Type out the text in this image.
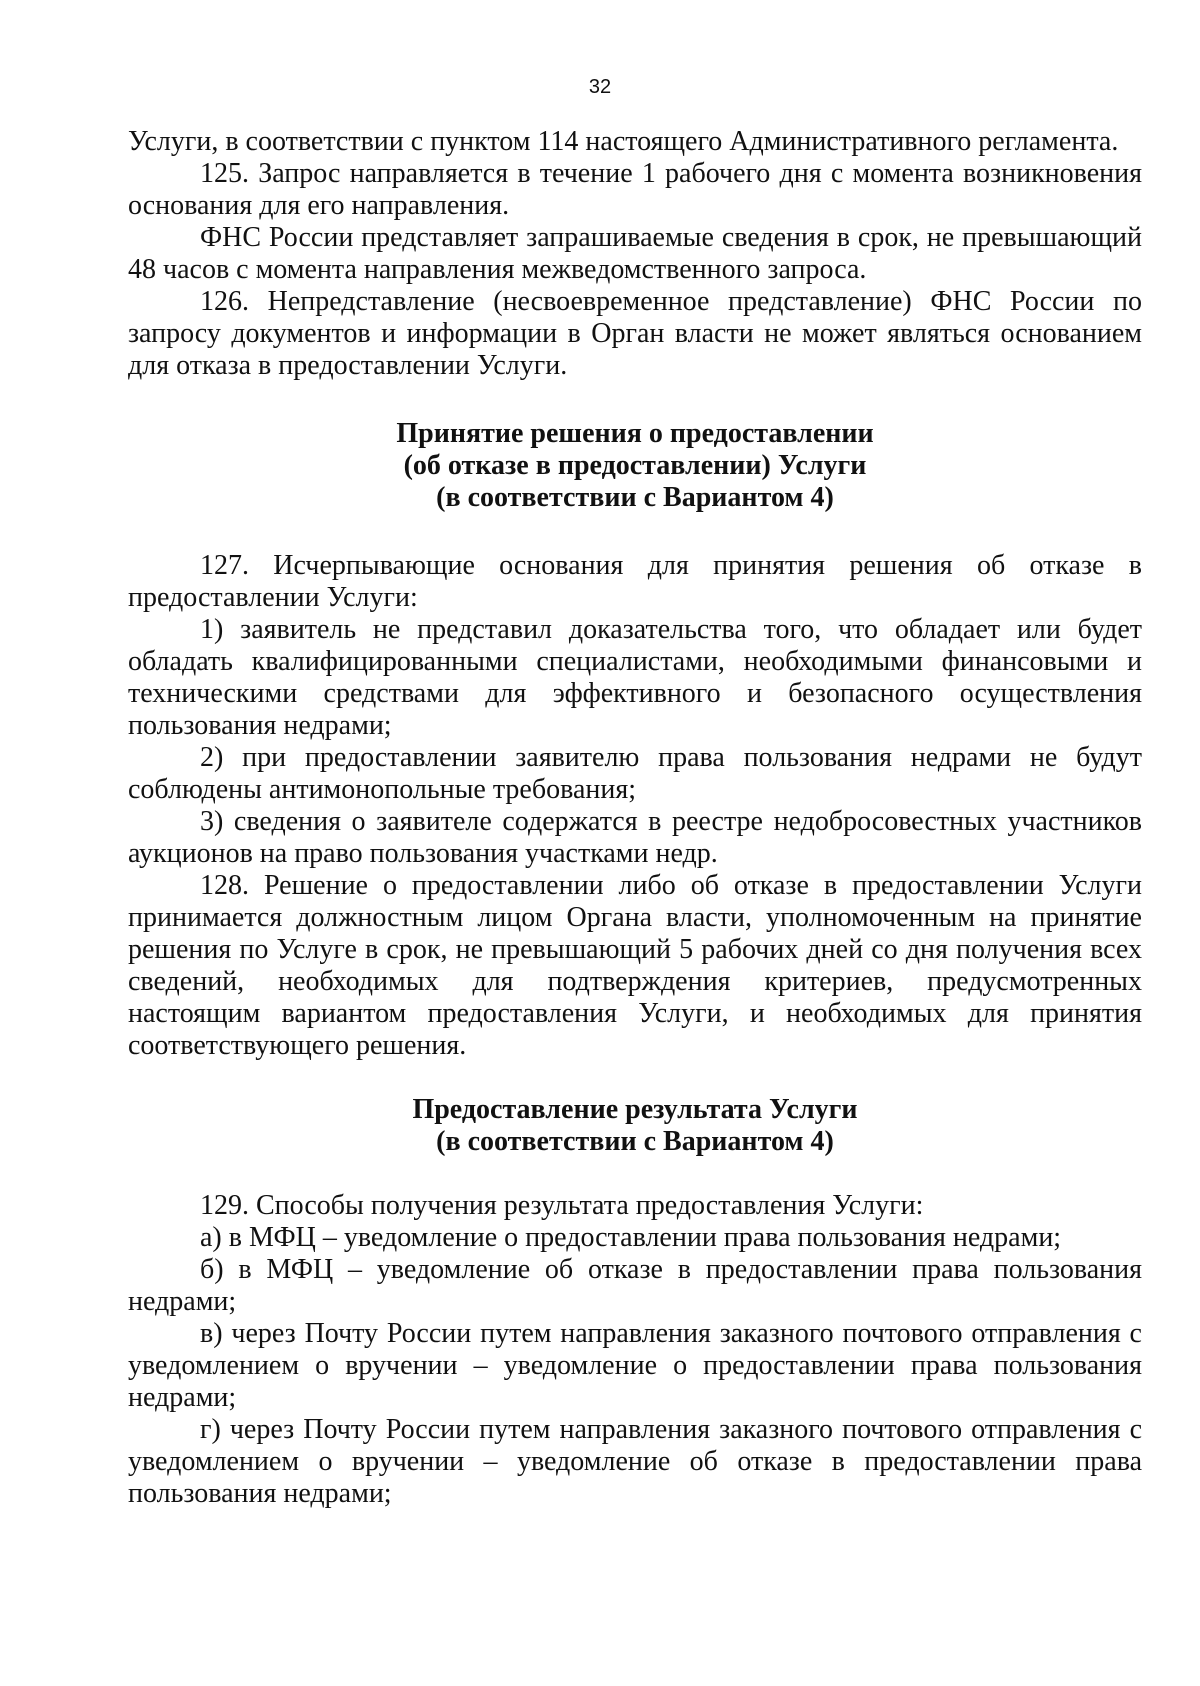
32

Услуги, в соответствии с пунктом 114 настоящего Административного регламента.

125. Запрос направляется в течение 1 рабочего дня с момента возникновения основания для его направления.

ФНС России представляет запрашиваемые сведения в срок, не превышающий 48 часов с момента направления межведомственного запроса.

126. Непредставление (несвоевременное представление) ФНС России по запросу документов и информации в Орган власти не может являться основанием для отказа в предоставлении Услуги.

Принятие решения о предоставлении

(об отказе в предоставлении) Услуги

(в соответствии с Вариантом 4)

127. Исчерпывающие основания для принятия решения об отказе в предоставлении Услуги:

1) заявитель не представил доказательства того, что обладает или будет обладать квалифицированными специалистами, необходимыми финансовыми и техническими средствами для эффективного и безопасного осуществления пользования недрами;

2) при предоставлении заявителю права пользования недрами не будут соблюдены антимонопольные требования;

3) сведения о заявителе содержатся в реестре недобросовестных участников аукционов на право пользования участками недр.

128. Решение о предоставлении либо об отказе в предоставлении Услуги принимается должностным лицом Органа власти, уполномоченным на принятие решения по Услуге в срок, не превышающий 5 рабочих дней со дня получения всех сведений, необходимых для подтверждения критериев, предусмотренных настоящим вариантом предоставления Услуги, и необходимых для принятия соответствующего решения.

Предоставление результата Услуги

(в соответствии с Вариантом 4)

129. Способы получения результата предоставления Услуги:

а) в МФЦ – уведомление о предоставлении права пользования недрами;

б) в МФЦ – уведомление об отказе в предоставлении права пользования недрами;

в) через Почту России путем направления заказного почтового отправления с уведомлением о вручении – уведомление о предоставлении права пользования недрами;

г) через Почту России путем направления заказного почтового отправления с уведомлением о вручении – уведомление об отказе в предоставлении права пользования недрами;
